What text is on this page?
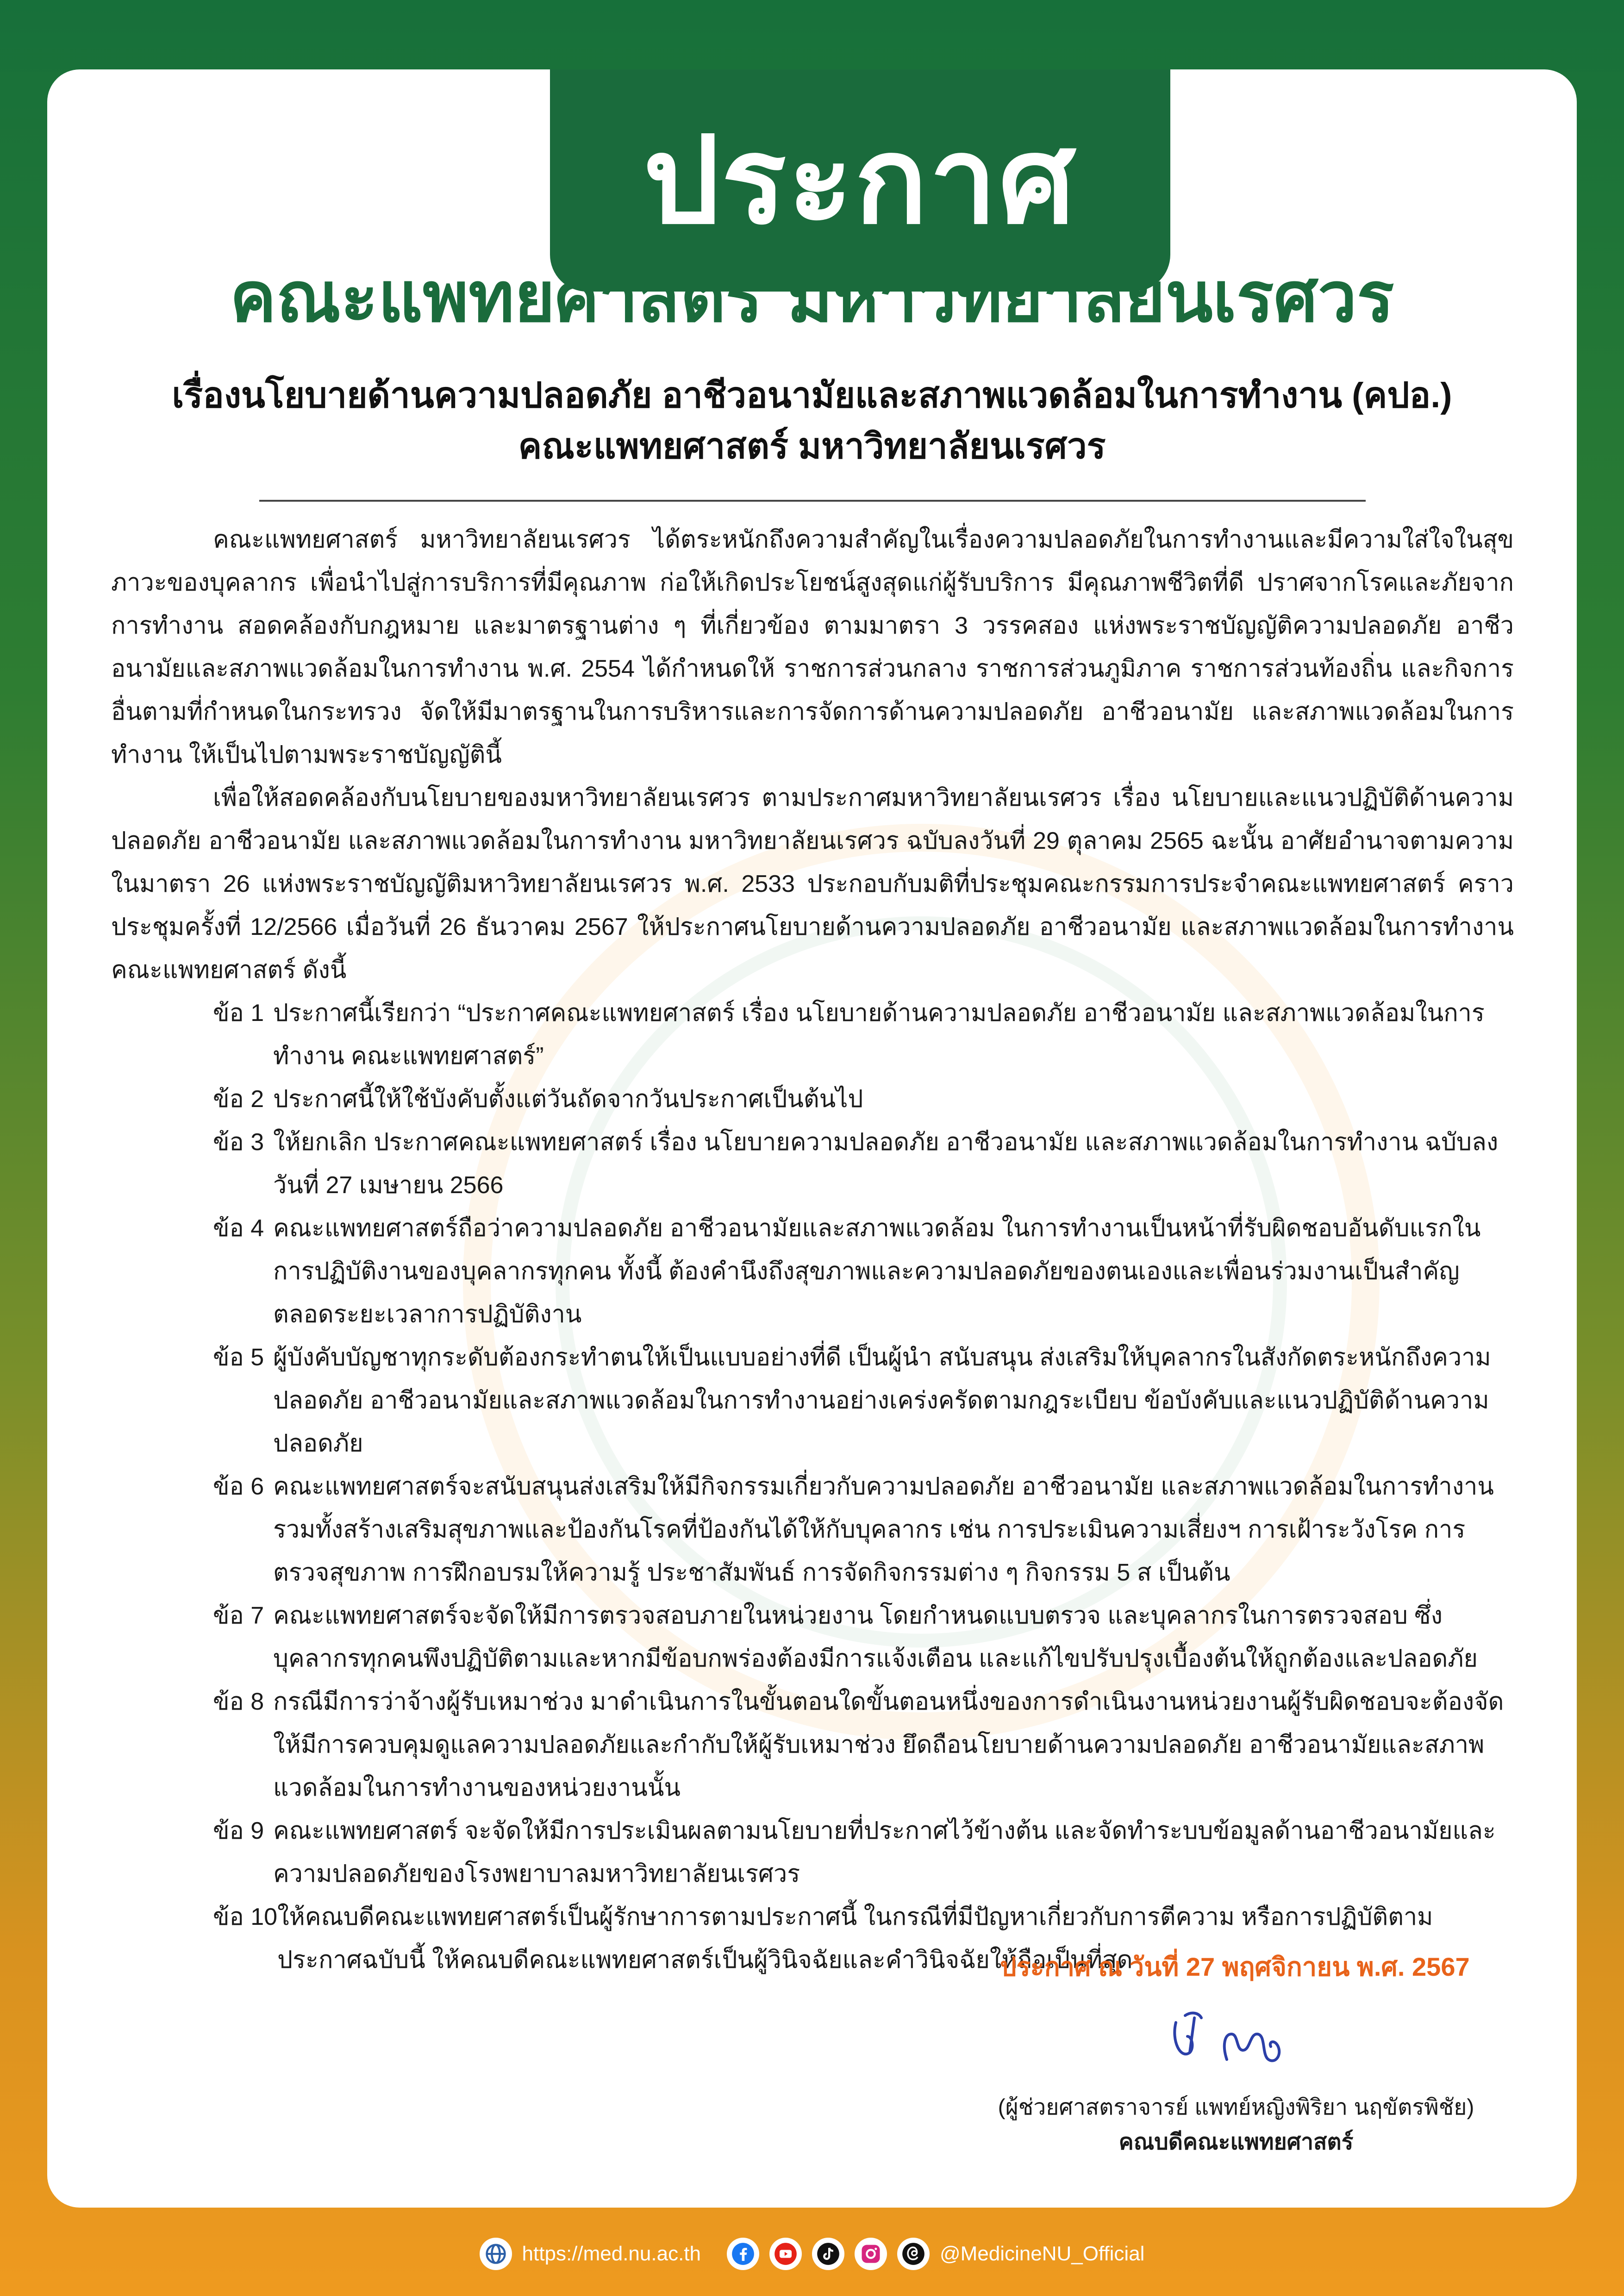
ประกาศ
คณะแพทยศาสตร์ มหาวิทยาลัยนเรศวร
เรื่องนโยบายด้านความปลอดภัย อาชีวอนามัยและสภาพแวดล้อมในการทำงาน (คปอ.)
คณะแพทยศาสตร์ มหาวิทยาลัยนเรศวร

คณะแพทยศาสตร์ มหาวิทยาลัยนเรศวร ได้ตระหนักถึงความสำคัญในเรื่องความปลอดภัยในการทำงานและมีความใส่ใจในสุขภาวะของบุคลากร เพื่อนำไปสู่การบริการที่มีคุณภาพ ก่อให้เกิดประโยชน์สูงสุดแก่ผู้รับบริการ มีคุณภาพชีวิตที่ดี ปราศจากโรคและภัยจากการทำงาน สอดคล้องกับกฎหมาย และมาตรฐานต่าง ๆ ที่เกี่ยวข้อง ตามมาตรา 3 วรรคสอง แห่งพระราชบัญญัติความปลอดภัย อาชีวอนามัยและสภาพแวดล้อมในการทำงาน พ.ศ. 2554 ได้กำหนดให้ ราชการส่วนกลาง ราชการส่วนภูมิภาค ราชการส่วนท้องถิ่น และกิจการอื่นตามที่กำหนดในกระทรวง จัดให้มีมาตรฐานในการบริหารและการจัดการด้านความปลอดภัย อาชีวอนามัย และสภาพแวดล้อมในการทำงาน ให้เป็นไปตามพระราชบัญญัตินี้

เพื่อให้สอดคล้องกับนโยบายของมหาวิทยาลัยนเรศวร ตามประกาศมหาวิทยาลัยนเรศวร เรื่อง นโยบายและแนวปฏิบัติด้านความปลอดภัย อาชีวอนามัย และสภาพแวดล้อมในการทำงาน มหาวิทยาลัยนเรศวร ฉบับลงวันที่ 29 ตุลาคม 2565 ฉะนั้น อาศัยอำนาจตามความในมาตรา 26 แห่งพระราชบัญญัติมหาวิทยาลัยนเรศวร พ.ศ. 2533 ประกอบกับมติที่ประชุมคณะกรรมการประจำคณะแพทยศาสตร์ คราวประชุมครั้งที่ 12/2566 เมื่อวันที่ 26 ธันวาคม 2567 ให้ประกาศนโยบายด้านความปลอดภัย อาชีวอนามัย และสภาพแวดล้อมในการทำงาน คณะแพทยศาสตร์ ดังนี้

ข้อ 1 ประกาศนี้เรียกว่า “ประกาศคณะแพทยศาสตร์ เรื่อง นโยบายด้านความปลอดภัย อาชีวอนามัย และสภาพแวดล้อมในการทำงาน คณะแพทยศาสตร์”
ข้อ 2 ประกาศนี้ให้ใช้บังคับตั้งแต่วันถัดจากวันประกาศเป็นต้นไป
ข้อ 3 ให้ยกเลิก ประกาศคณะแพทยศาสตร์ เรื่อง นโยบายความปลอดภัย อาชีวอนามัย และสภาพแวดล้อมในการทำงาน ฉบับลงวันที่ 27 เมษายน 2566
ข้อ 4 คณะแพทยศาสตร์ถือว่าความปลอดภัย อาชีวอนามัยและสภาพแวดล้อม ในการทำงานเป็นหน้าที่รับผิดชอบอันดับแรกในการปฏิบัติงานของบุคลากรทุกคน ทั้งนี้ ต้องคำนึงถึงสุขภาพและความปลอดภัยของตนเองและเพื่อนร่วมงานเป็นสำคัญตลอดระยะเวลาการปฏิบัติงาน
ข้อ 5 ผู้บังคับบัญชาทุกระดับต้องกระทำตนให้เป็นแบบอย่างที่ดี เป็นผู้นำ สนับสนุน ส่งเสริมให้บุคลากรในสังกัดตระหนักถึงความปลอดภัย อาชีวอนามัยและสภาพแวดล้อมในการทำงานอย่างเคร่งครัดตามกฎระเบียบ ข้อบังคับและแนวปฏิบัติด้านความปลอดภัย
ข้อ 6 คณะแพทยศาสตร์จะสนับสนุนส่งเสริมให้มีกิจกรรมเกี่ยวกับความปลอดภัย อาชีวอนามัย และสภาพแวดล้อมในการทำงาน รวมทั้งสร้างเสริมสุขภาพและป้องกันโรคที่ป้องกันได้ให้กับบุคลากร เช่น การประเมินความเสี่ยงฯ การเฝ้าระวังโรค การตรวจสุขภาพ การฝึกอบรมให้ความรู้ ประชาสัมพันธ์ การจัดกิจกรรมต่าง ๆ กิจกรรม 5 ส เป็นต้น
ข้อ 7 คณะแพทยศาสตร์จะจัดให้มีการตรวจสอบภายในหน่วยงาน โดยกำหนดแบบตรวจ และบุคลากรในการตรวจสอบ ซึ่งบุคลากรทุกคนพึงปฏิบัติตามและหากมีข้อบกพร่องต้องมีการแจ้งเตือน และแก้ไขปรับปรุงเบื้องต้นให้ถูกต้องและปลอดภัย
ข้อ 8 กรณีมีการว่าจ้างผู้รับเหมาช่วง มาดำเนินการในขั้นตอนใดขั้นตอนหนึ่งของการดำเนินงานหน่วยงานผู้รับผิดชอบจะต้องจัดให้มีการควบคุมดูแลความปลอดภัยและกำกับให้ผู้รับเหมาช่วง ยึดถือนโยบายด้านความปลอดภัย อาชีวอนามัยและสภาพแวดล้อมในการทำงานของหน่วยงานนั้น
ข้อ 9 คณะแพทยศาสตร์ จะจัดให้มีการประเมินผลตามนโยบายที่ประกาศไว้ข้างต้น และจัดทำระบบข้อมูลด้านอาชีวอนามัยและความปลอดภัยของโรงพยาบาลมหาวิทยาลัยนเรศวร
ข้อ 10 ให้คณบดีคณะแพทยศาสตร์เป็นผู้รักษาการตามประกาศนี้ ในกรณีที่มีปัญหาเกี่ยวกับการตีความ หรือการปฏิบัติตามประกาศฉบับนี้ ให้คณบดีคณะแพทยศาสตร์เป็นผู้วินิจฉัยและคำวินิจฉัยให้ถือเป็นที่สุด
ประกาศ ณ วันที่ 27 พฤศจิกายน พ.ศ. 2567
(ผู้ช่วยศาสตราจารย์ แพทย์หญิงพิริยา นฤขัตรพิชัย)
คณบดีคณะแพทยศาสตร์
https://med.nu.ac.th	@MedicineNU_Official
